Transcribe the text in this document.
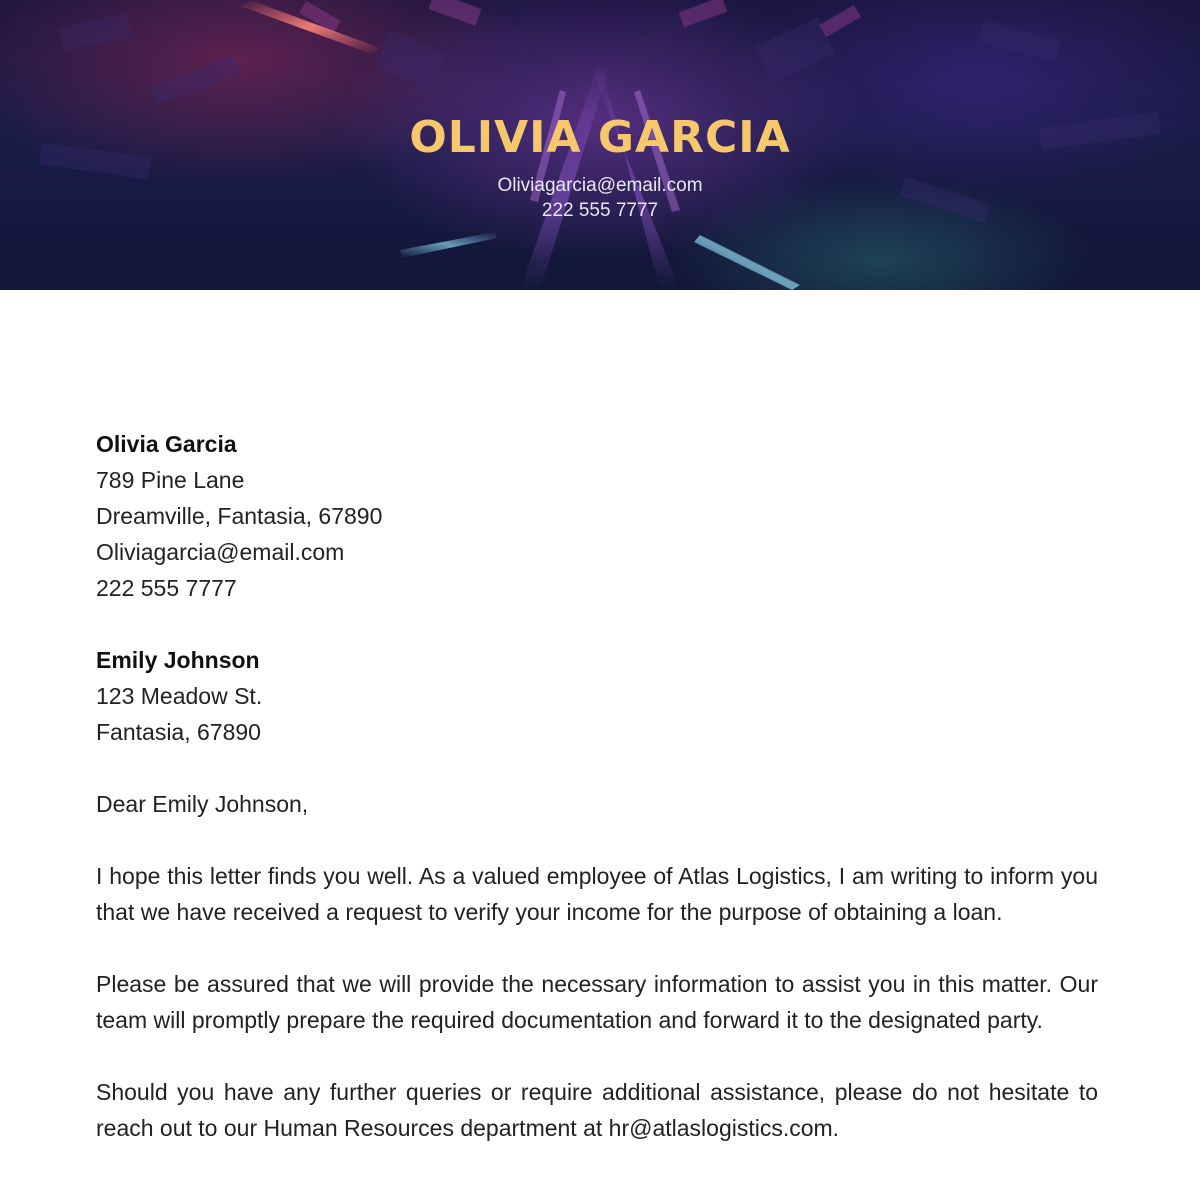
OLIVIA GARCIA

Oliviagarcia@email.com

222 555 7777

Olivia Garcia

789 Pine Lane

Dreamville, Fantasia, 67890

Oliviagarcia@email.com

222 555 7777

Emily Johnson

123 Meadow St.

Fantasia, 67890

Dear Emily Johnson,

I hope this letter finds you well. As a valued employee of Atlas Logistics, I am writing to inform you that we have received a request to verify your income for the purpose of obtaining a loan.

Please be assured that we will provide the necessary information to assist you in this matter. Our team will promptly prepare the required documentation and forward it to the designated party.

Should you have any further queries or require additional assistance, please do not hesitate to reach out to our Human Resources department at hr@atlaslogistics.com.
